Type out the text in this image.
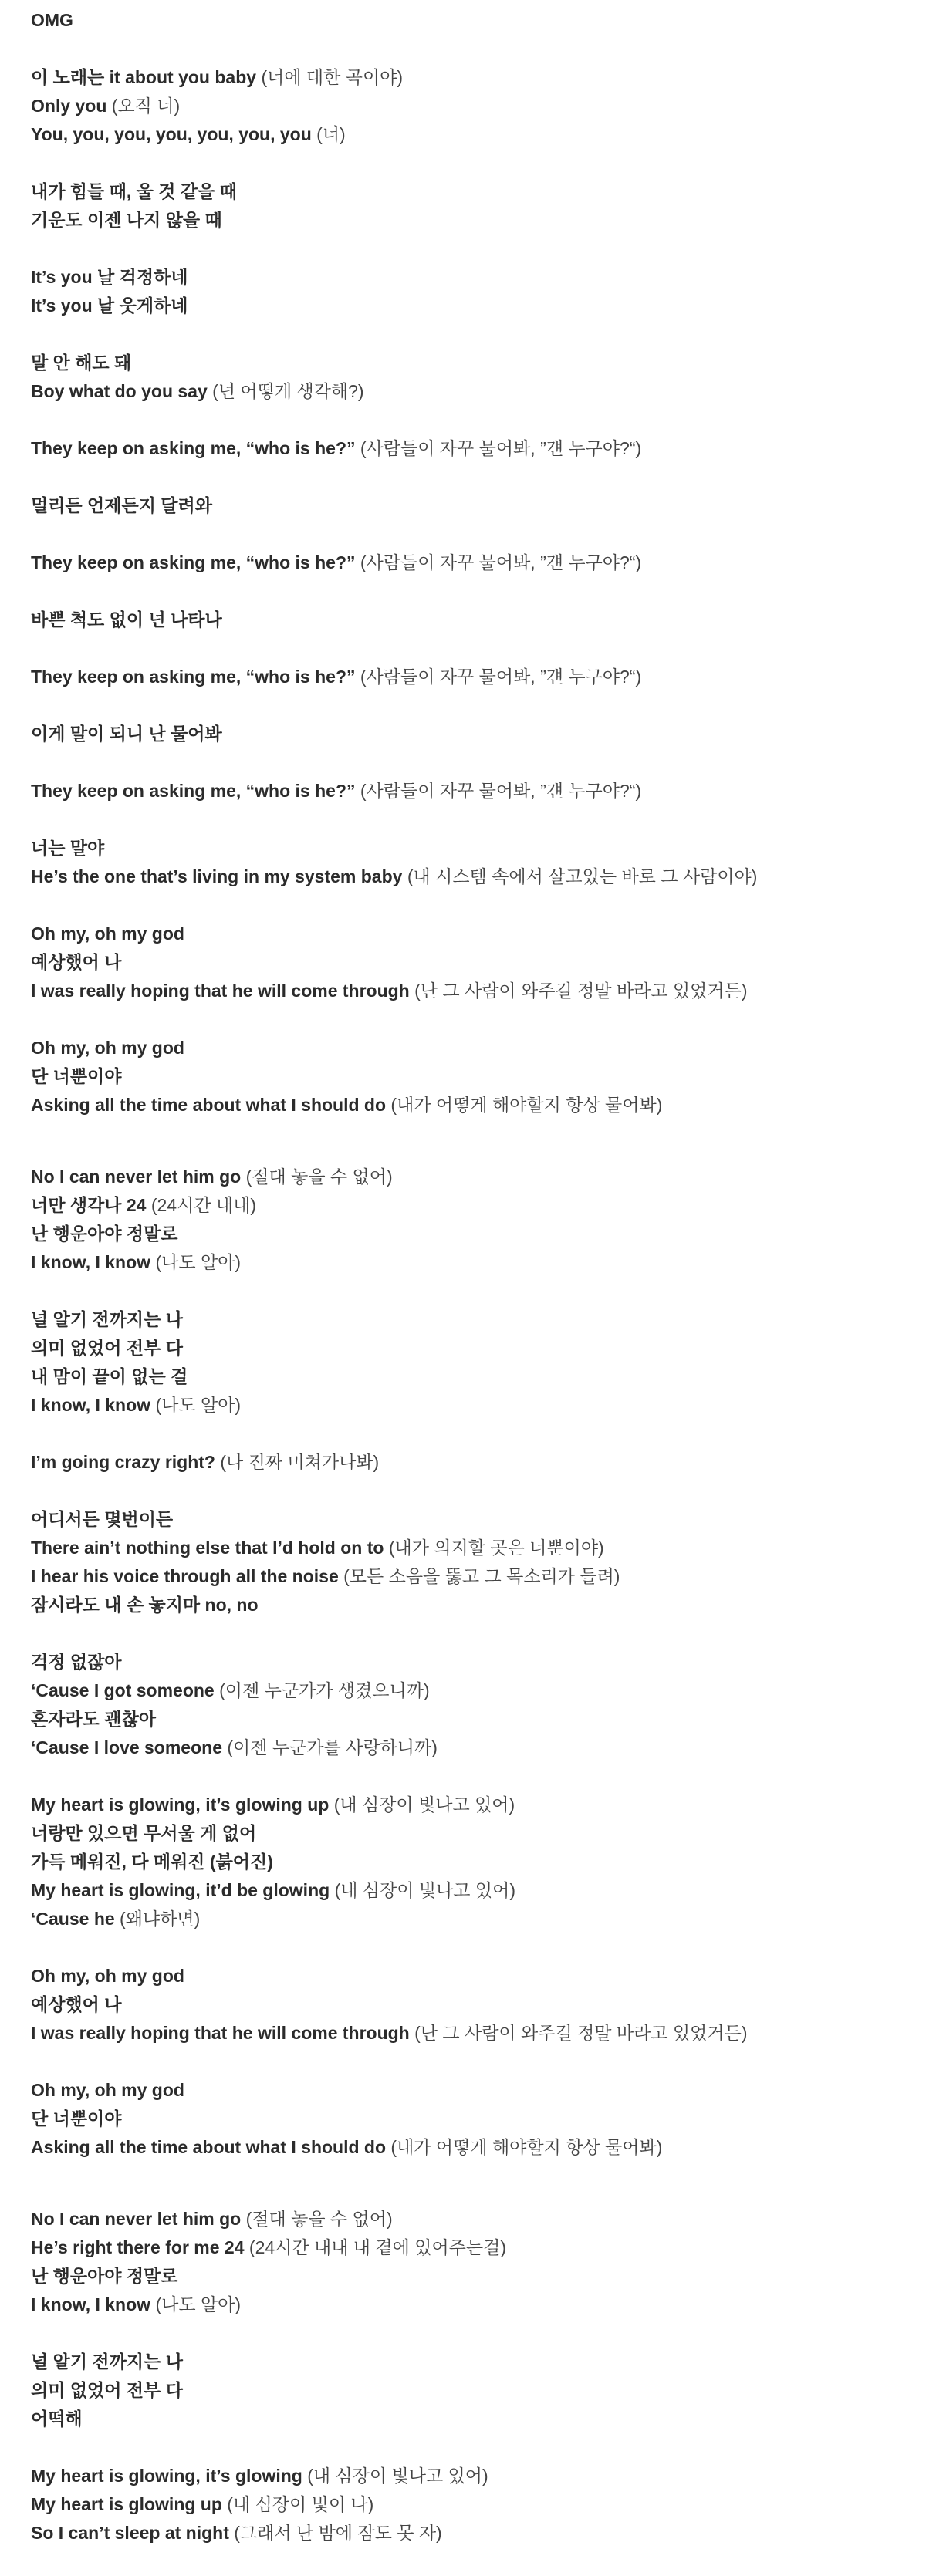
OMG
이 노래는 it about you baby (너에 대한 곡이야)
Only you (오직 너)
You, you, you, you, you, you, you (너)
내가 힘들 때, 울 것 같을 때
기운도 이젠 나지 않을 때
It’s you 날 걱정하네
It’s you 날 웃게하네
말 안 해도 돼
Boy what do you say (넌 어떻게 생각해?)
They keep on asking me, “who is he?” (사람들이 자꾸 물어봐, ”걘 누구야?“)
멀리든 언제든지 달려와
They keep on asking me, “who is he?” (사람들이 자꾸 물어봐, ”걘 누구야?“)
바쁜 척도 없이 넌 나타나
They keep on asking me, “who is he?” (사람들이 자꾸 물어봐, ”걘 누구야?“)
이게 말이 되니 난 물어봐
They keep on asking me, “who is he?” (사람들이 자꾸 물어봐, ”걘 누구야?“)
너는 말야
He’s the one that’s living in my system baby (내 시스템 속에서 살고있는 바로 그 사람이야)
Oh my, oh my god
예상했어 나
I was really hoping that he will come through (난 그 사람이 와주길 정말 바라고 있었거든)
Oh my, oh my god
단 너뿐이야
Asking all the time about what I should do (내가 어떻게 해야할지 항상 물어봐)
No I can never let him go (절대 놓을 수 없어)
너만 생각나 24 (24시간 내내)
난 행운아야 정말로
I know, I know (나도 알아)
널 알기 전까지는 나
의미 없었어 전부 다
내 맘이 끝이 없는 걸
I know, I know (나도 알아)
I’m going crazy right? (나 진짜 미쳐가나봐)
어디서든 몇번이든
There ain’t nothing else that I’d hold on to (내가 의지할 곳은 너뿐이야)
I hear his voice through all the noise (모든 소음을 뚫고 그 목소리가 들려)
잠시라도 내 손 놓지마 no, no
걱정 없잖아
‘Cause I got someone (이젠 누군가가 생겼으니까)
혼자라도 괜찮아
‘Cause I love someone (이젠 누군가를 사랑하니까)
My heart is glowing, it’s glowing up (내 심장이 빛나고 있어)
너랑만 있으면 무서울 게 없어
가득 메워진, 다 메워진 (붉어진)
My heart is glowing, it’d be glowing (내 심장이 빛나고 있어)
‘Cause he (왜냐하면)
Oh my, oh my god
예상했어 나
I was really hoping that he will come through (난 그 사람이 와주길 정말 바라고 있었거든)
Oh my, oh my god
단 너뿐이야
Asking all the time about what I should do (내가 어떻게 해야할지 항상 물어봐)
No I can never let him go (절대 놓을 수 없어)
He’s right there for me 24 (24시간 내내 내 곁에 있어주는걸)
난 행운아야 정말로
I know, I know (나도 알아)
널 알기 전까지는 나
의미 없었어 전부 다
어떡해
My heart is glowing, it’s glowing (내 심장이 빛나고 있어)
My heart is glowing up (내 심장이 빛이 나)
So I can’t sleep at night (그래서 난 밤에 잠도 못 자)
